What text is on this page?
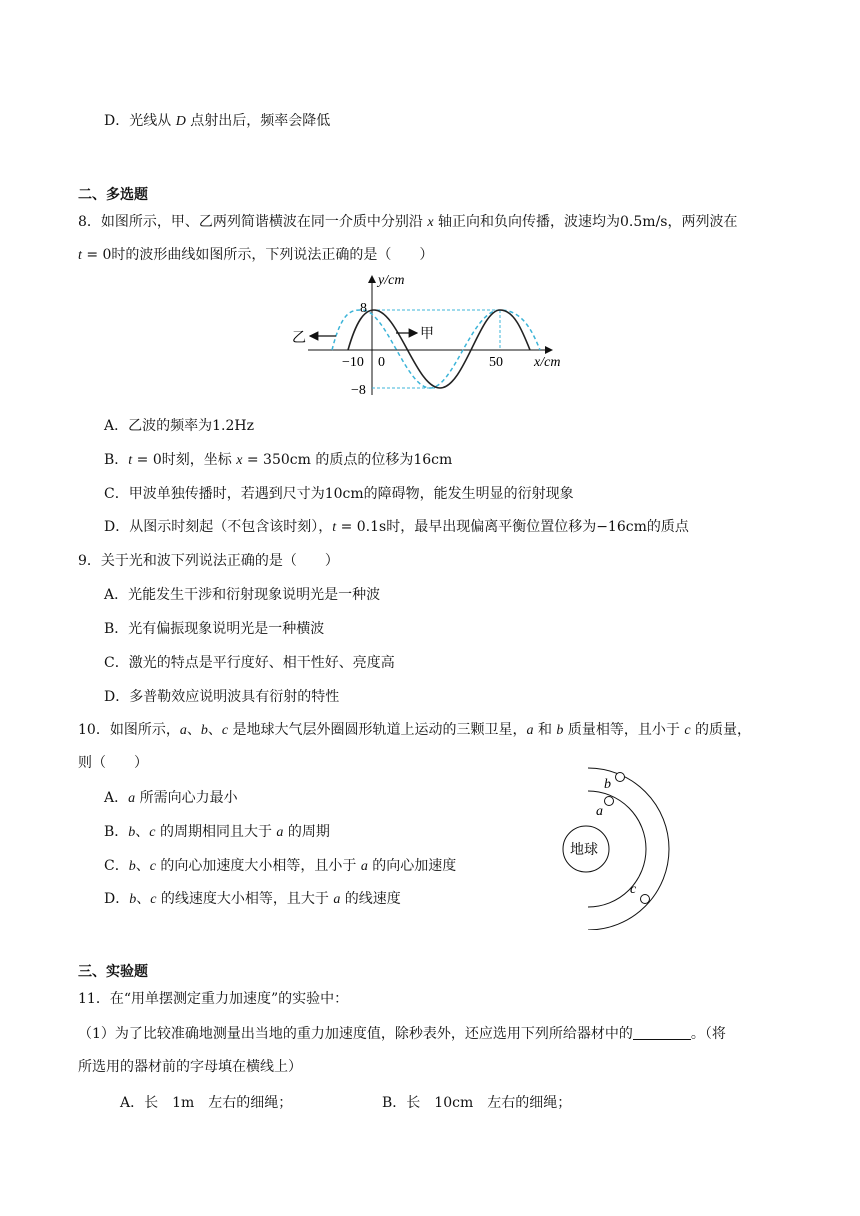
D．光线从 D 点射出后，频率会降低
二、多选题
8．如图所示，甲、乙两列简谐横波在同一介质中分别沿 x 轴正向和负向传播，波速均为0.5m/s，两列波在
t = 0时的波形曲线如图所示，下列说法正确的是（　　）
乙	甲
y/cm
x/cm
8
−8
−10 0	50
A．乙波的频率为1.2Hz
B．t = 0时刻，坐标 x = 350cm 的质点的位移为16cm
C．甲波单独传播时，若遇到尺寸为10cm的障碍物，能发生明显的衍射现象
D．从图示时刻起（不包含该时刻），t = 0.1s时，最早出现偏离平衡位置位移为−16cm的质点
9．关于光和波下列说法正确的是（　　）
A．光能发生干涉和衍射现象说明光是一种波
B．光有偏振现象说明光是一种横波
C．激光的特点是平行度好、相干性好、亮度高
D．多普勒效应说明波具有衍射的特性
10．如图所示，a、b、c 是地球大气层外圈圆形轨道上运动的三颗卫星，a 和 b 质量相等，且小于 c 的质量，
则（　　）
A．a 所需向心力最小
B．b、c 的周期相同且大于 a 的周期
C．b、c 的向心加速度大小相等，且小于 a 的向心加速度
D．b、c 的线速度大小相等，且大于 a 的线速度
地球
a
b
c
三、实验题
11．在“用单摆测定重力加速度”的实验中：
（1）为了比较准确地测量出当地的重力加速度值，除秒表外，还应选用下列所给器材中的	。（将
所选用的器材前的字母填在横线上）
A．长　1m　左右的细绳；	B．长　10cm　左右的细绳；
